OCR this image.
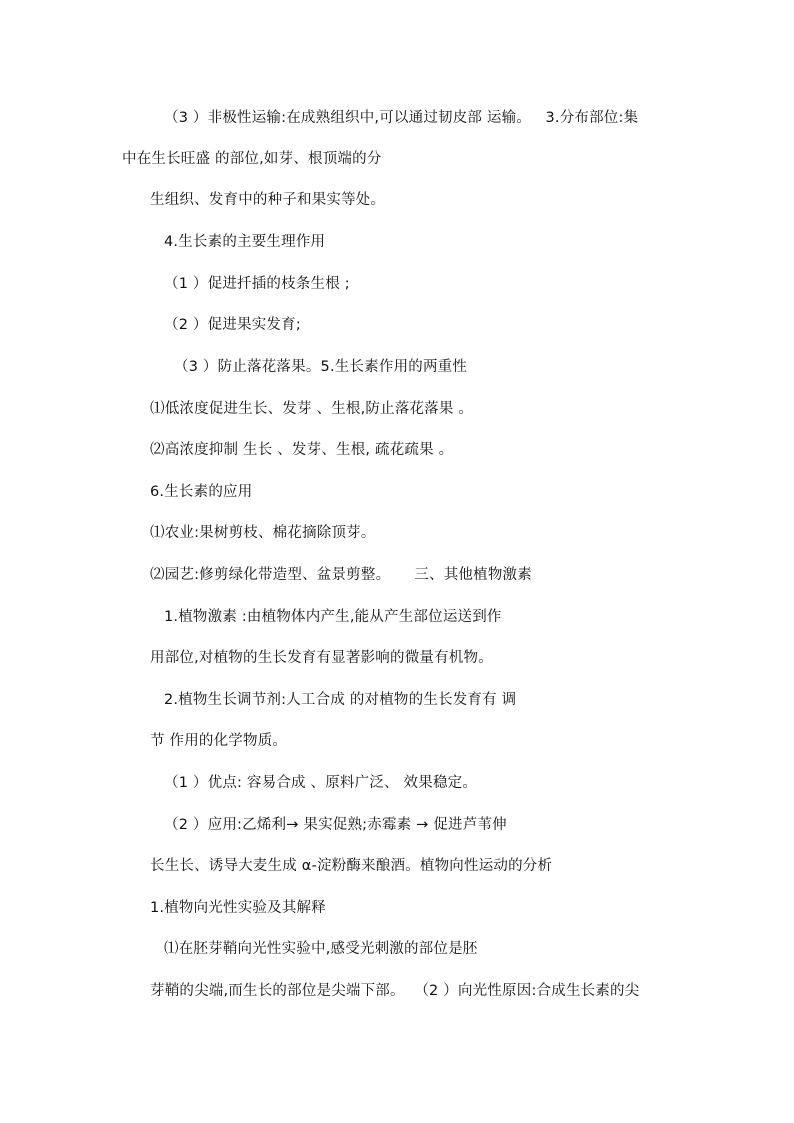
（3 ）非极性运输:在成熟组织中,可以通过韧皮部 运输。   3.分布部位:集
中在生长旺盛 的部位,如芽、根顶端的分
生组织、发育中的种子和果实等处。
4.生长素的主要生理作用
（1 ）促进扦插的枝条生根 ;
（2 ）促进果实发育;
（3 ）防止落花落果。5.生长素作用的两重性
⑴低浓度促进生长、发芽 、生根,防止落花落果 。
⑵高浓度抑制 生长 、发芽、生根, 疏花疏果 。
6.生长素的应用
⑴农业:果树剪枝、棉花摘除顶芽。
⑵园艺:修剪绿化带造型、盆景剪整。     三、其他植物激素
1.植物激素 :由植物体内产生,能从产生部位运送到作
用部位,对植物的生长发育有显著影响的微量有机物。
2.植物生长调节剂:人工合成 的对植物的生长发育有 调
节 作用的化学物质。
（1 ）优点: 容易合成 、原料广泛、 效果稳定。
（2 ）应用:乙烯利→ 果实促熟;赤霉素 → 促进芦苇伸
长生长、诱导大麦生成 α-淀粉酶来酿酒。植物向性运动的分析
1.植物向光性实验及其解释
⑴在胚芽鞘向光性实验中,感受光刺激的部位是胚
芽鞘的尖端,而生长的部位是尖端下部。  （2 ）向光性原因:合成生长素的尖
